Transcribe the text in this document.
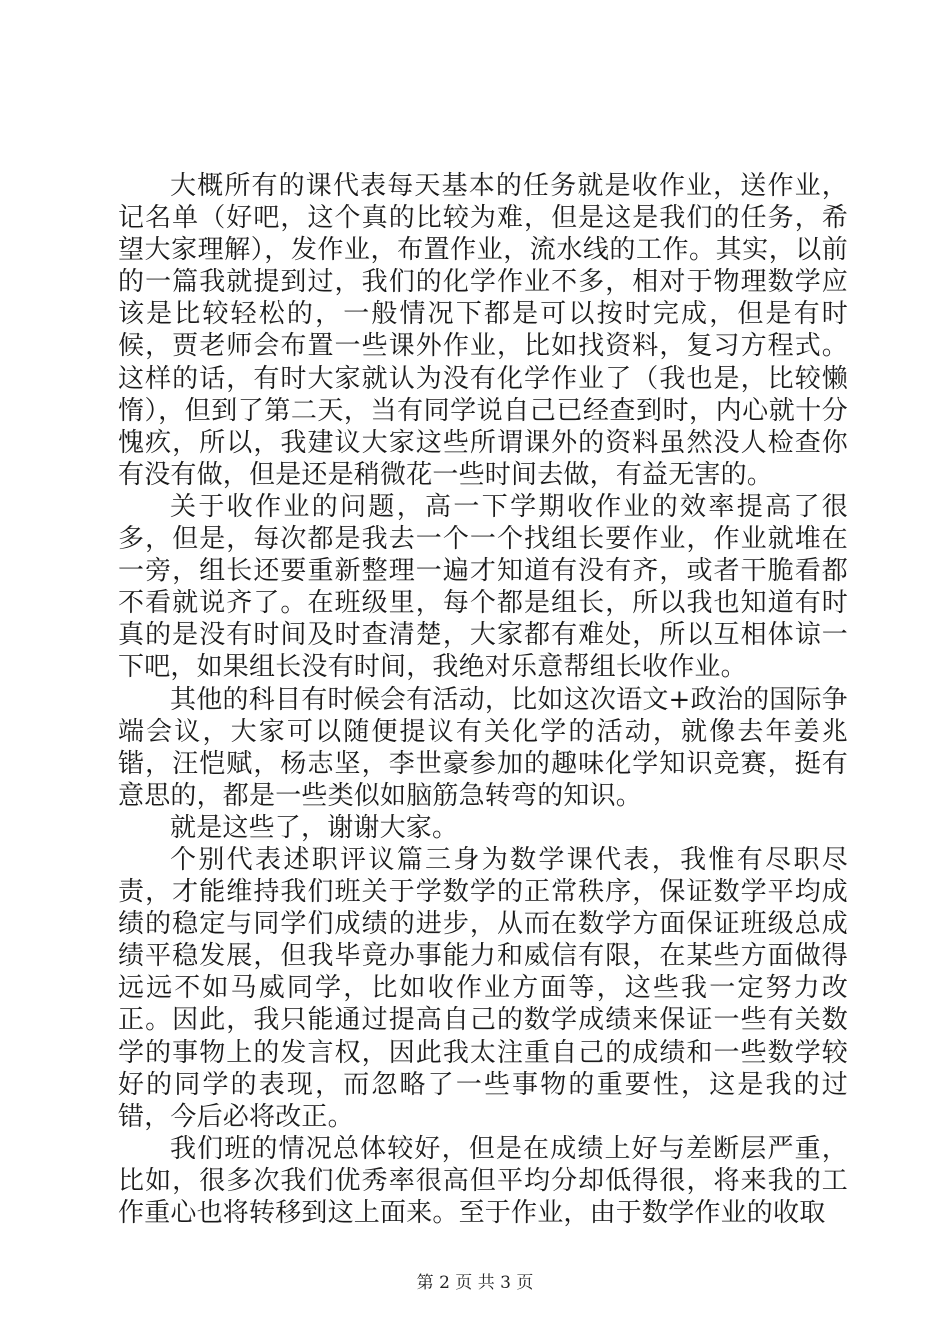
大概所有的课代表每天基本的任务就是收作业，送作业，记名单（好吧，这个真的比较为难，但是这是我们的任务，希望大家理解），发作业，布置作业，流水线的工作。其实，以前的一篇我就提到过，我们的化学作业不多，相对于物理数学应该是比较轻松的，一般情况下都是可以按时完成，但是有时候，贾老师会布置一些课外作业，比如找资料，复习方程式。这样的话，有时大家就认为没有化学作业了（我也是，比较懒惰），但到了第二天，当有同学说自己已经查到时，内心就十分愧疚，所以，我建议大家这些所谓课外的资料虽然没人检查你有没有做，但是还是稍微花一些时间去做，有益无害的。

关于收作业的问题，高一下学期收作业的效率提高了很多，但是，每次都是我去一个一个找组长要作业，作业就堆在一旁，组长还要重新整理一遍才知道有没有齐，或者干脆看都不看就说齐了。在班级里，每个都是组长，所以我也知道有时真的是没有时间及时查清楚，大家都有难处，所以互相体谅一下吧，如果组长没有时间，我绝对乐意帮组长收作业。

其他的科目有时候会有活动，比如这次语文+政治的国际争端会议，大家可以随便提议有关化学的活动，就像去年姜兆锴，汪恺赋，杨志坚，李世豪参加的趣味化学知识竞赛，挺有意思的，都是一些类似如脑筋急转弯的知识。

就是这些了，谢谢大家。

个别代表述职评议篇三身为数学课代表，我惟有尽职尽责，才能维持我们班关于学数学的正常秩序，保证数学平均成绩的稳定与同学们成绩的进步，从而在数学方面保证班级总成绩平稳发展，但我毕竟办事能力和威信有限，在某些方面做得远远不如马威同学，比如收作业方面等，这些我一定努力改正。因此，我只能通过提高自己的数学成绩来保证一些有关数学的事物上的发言权，因此我太注重自己的成绩和一些数学较好的同学的表现，而忽略了一些事物的重要性，这是我的过错，今后必将改正。

我们班的情况总体较好，但是在成绩上好与差断层严重，比如，很多次我们优秀率很高但平均分却低得很，将来我的工作重心也将转移到这上面来。至于作业，由于数学作业的收取

第 2 页 共 3 页
